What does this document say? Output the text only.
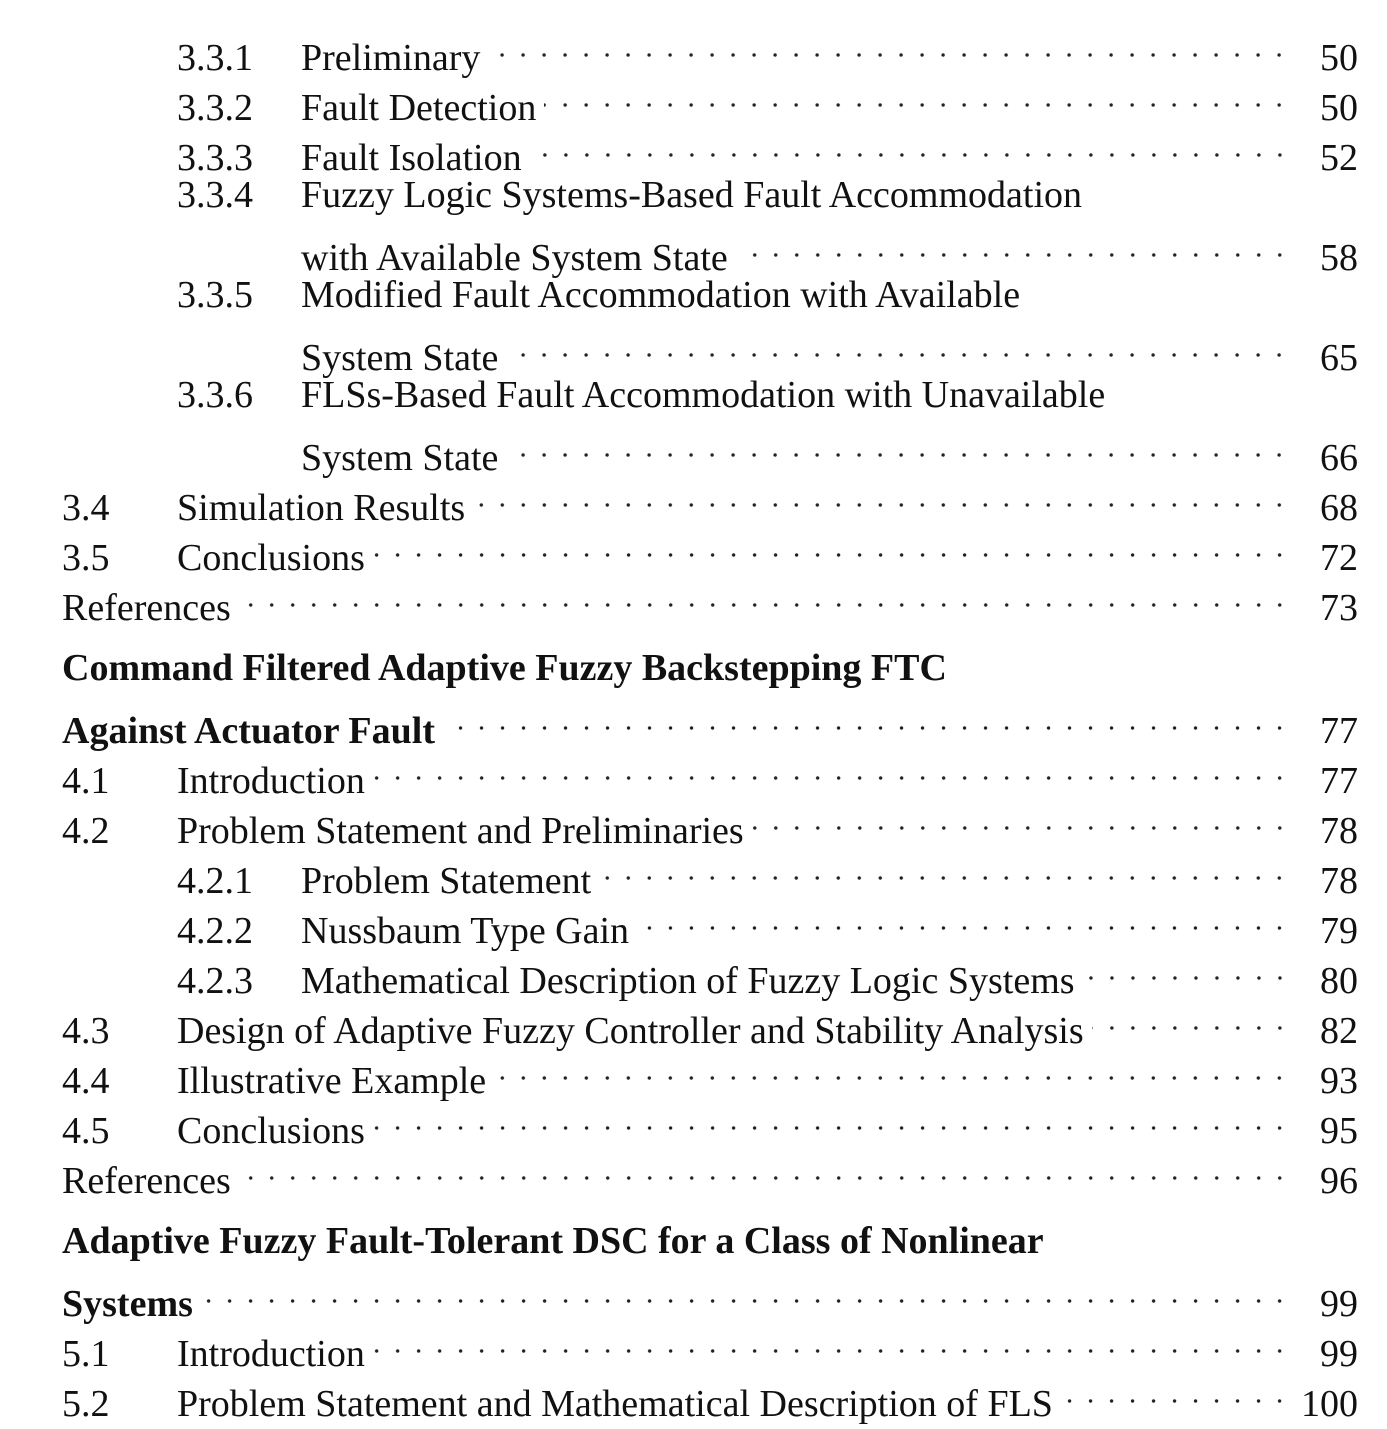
3.3.1	Preliminary	50
3.3.2	Fault Detection	50
3.3.3	Fault Isolation	52
3.3.4	Fuzzy Logic Systems-Based Fault Accommodation
with Available System State	58
3.3.5	Modified Fault Accommodation with Available
System State	65
3.3.6	FLSs-Based Fault Accommodation with Unavailable
System State	66
3.4	Simulation Results	68
3.5	Conclusions	72
References	73
Command Filtered Adaptive Fuzzy Backstepping FTC
Against Actuator Fault	77
4.1	Introduction	77
4.2	Problem Statement and Preliminaries	78
4.2.1	Problem Statement	78
4.2.2	Nussbaum Type Gain	79
4.2.3	Mathematical Description of Fuzzy Logic Systems	80
4.3	Design of Adaptive Fuzzy Controller and Stability Analysis	82
4.4	Illustrative Example	93
4.5	Conclusions	95
References	96
Adaptive Fuzzy Fault-Tolerant DSC for a Class of Nonlinear
Systems	99
5.1	Introduction	99
5.2	Problem Statement and Mathematical Description of FLS	100
